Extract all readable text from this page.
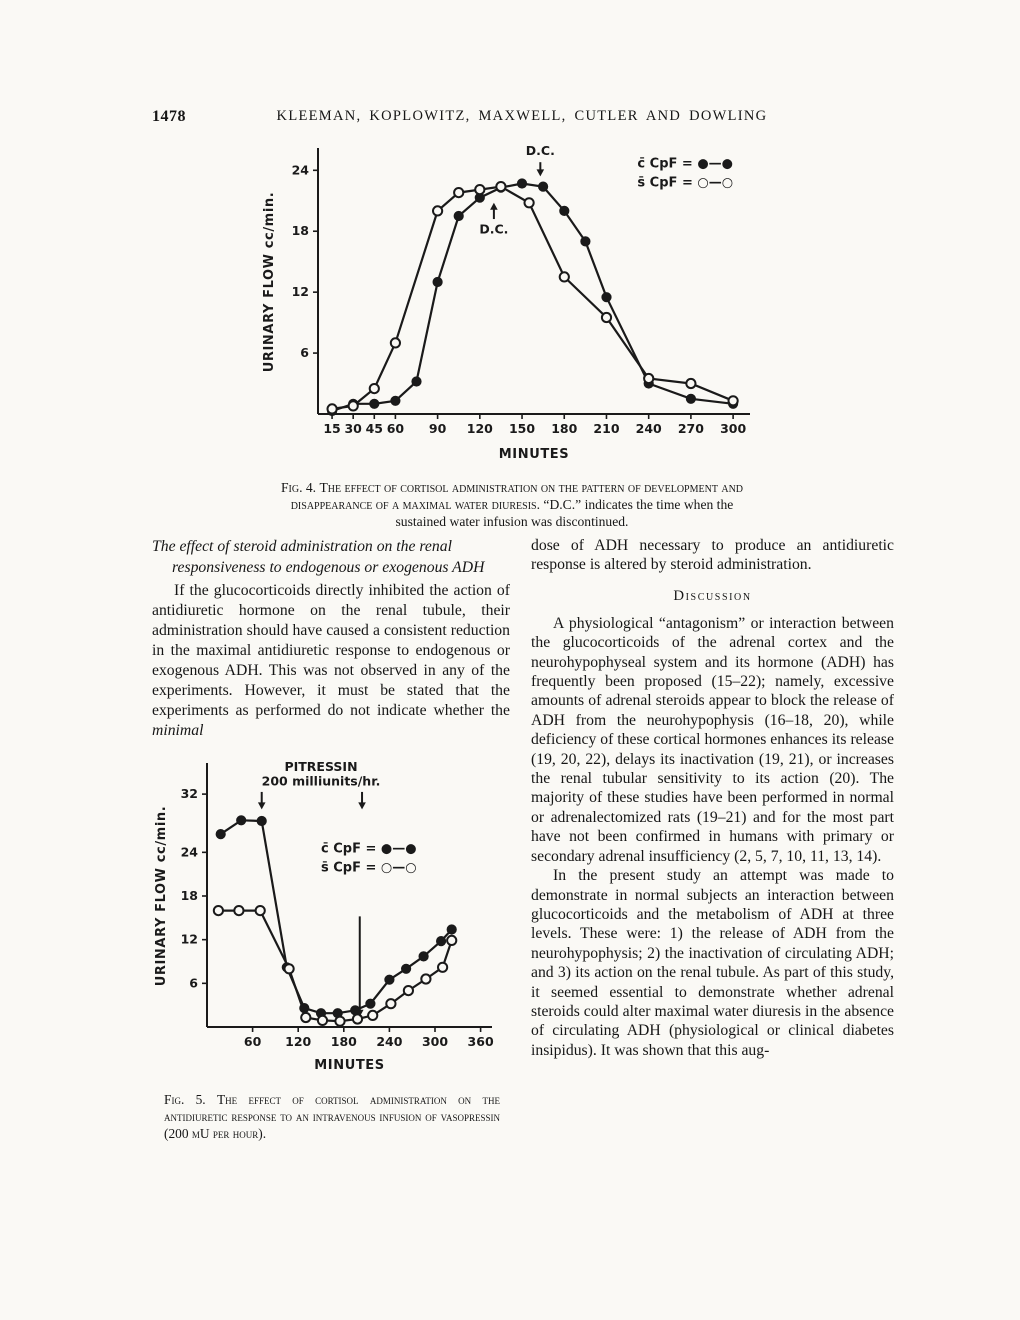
1478	KLEEMAN, KOPLOWITZ, MAXWELL, CUTLER AND DOWLING
15 30 45 60 90 120 150 180 210 240 270 300
6
12
18
24
MINUTES
URINARY FLOW cc/min.
c̄ CpF = ●—●
s̄ CpF = ○—○
D.C.
D.C.
Fig. 4. The effect of cortisol administration on the pattern of development and disappearance of a maximal water diuresis. “D.C.” indicates the time when the sustained water infusion was discontinued.
The effect of steroid administration on the renal responsiveness to endogenous or exogenous ADH

If the glucocorticoids directly inhibited the action of antidiuretic hormone on the renal tubule, their administration should have caused a consistent reduction in the maximal antidiuretic response to endogenous or exogenous ADH. This was not observed in any of the experiments. However, it must be stated that the experiments as performed do not indicate whether the minimal

60 120 180 240 300 360
6
12
18
24
32
MINUTES
URINARY FLOW cc/min.	c̄ CpF = ●—●
s̄ CpF = ○—○
PITRESSIN
200 milliunits/hr.
Fig. 5. The effect of cortisol administration on the antidiuretic response to an intravenous infusion of vasopressin (200 mU per hour).

dose of ADH necessary to produce an antidiuretic response is altered by steroid administration.

Discussion

A physiological “antagonism” or interaction between the glucocorticoids of the adrenal cortex and the neurohypophyseal system and its hormone (ADH) has frequently been proposed (15–22); namely, excessive amounts of adrenal steroids appear to block the release of ADH from the neurohypophysis (16–18, 20), while deficiency of these cortical hormones enhances its release (19, 20, 22), delays its inactivation (19, 21), or increases the renal tubular sensitivity to its action (20). The majority of these studies have been performed in normal or adrenalectomized rats (19–21) and for the most part have not been confirmed in humans with primary or secondary adrenal insufficiency (2, 5, 7, 10, 11, 13, 14).

In the present study an attempt was made to demonstrate in normal subjects an interaction between glucocorticoids and the metabolism of ADH at three levels. These were: 1) the release of ADH from the neurohypophysis; 2) the inactivation of circulating ADH; and 3) its action on the renal tubule. As part of this study, it seemed essential to demonstrate whether adrenal steroids could alter maximal water diuresis in the absence of circulating ADH (physiological or clinical diabetes insipidus). It was shown that this aug-
